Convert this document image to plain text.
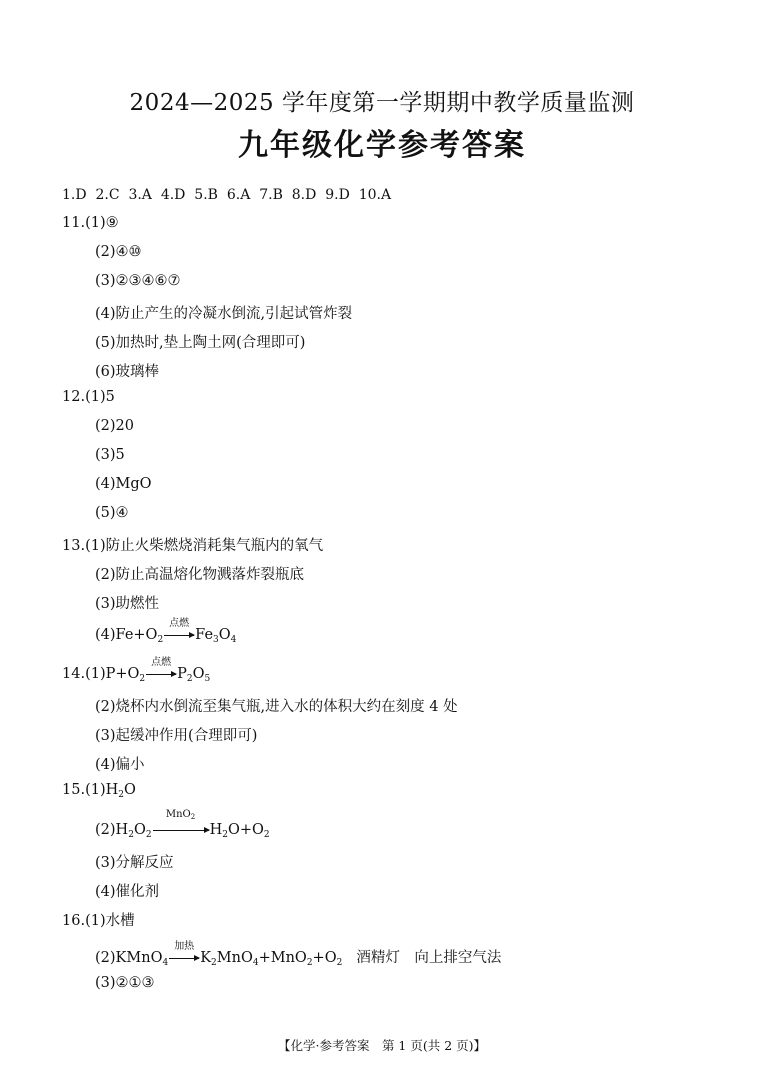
2024—2025 学年度第一学期期中教学质量监测
九年级化学参考答案
1.D  2.C  3.A  4.D  5.B  6.A  7.B  8.D  9.D  10.A
11.(1)⑨
(2)④⑩
(3)②③④⑥⑦
(4)防止产生的冷凝水倒流,引起试管炸裂
(5)加热时,垫上陶土网(合理即可)
(6)玻璃棒
12.(1)5
(2)20
(3)5
(4)MgO
(5)④
13.(1)防止火柴燃烧消耗集气瓶内的氧气
(2)防止高温熔化物溅落炸裂瓶底
(3)助燃性
$(4)Fe+O_2$
点燃
$Fe_3O_4$
$14.(1)P+O_2$
点燃
$P_2O_5$
(2)烧杯内水倒流至集气瓶,进入水的体积大约在刻度 4 处
(3)起缓冲作用(合理即可)
(4)偏小
$15.(1)H_2O$
$(2)H_2O_2$
MnO$_2$
$H_2O+O_2$
(3)分解反应
(4)催化剂
16.(1)水槽
(2)KMnO$_4$
加热
$K_2MnO_4+MnO_2+O_2$ 酒精灯　向上排空气法
(3)②①③
【化学·参考答案　第 1 页(共 2 页)】
